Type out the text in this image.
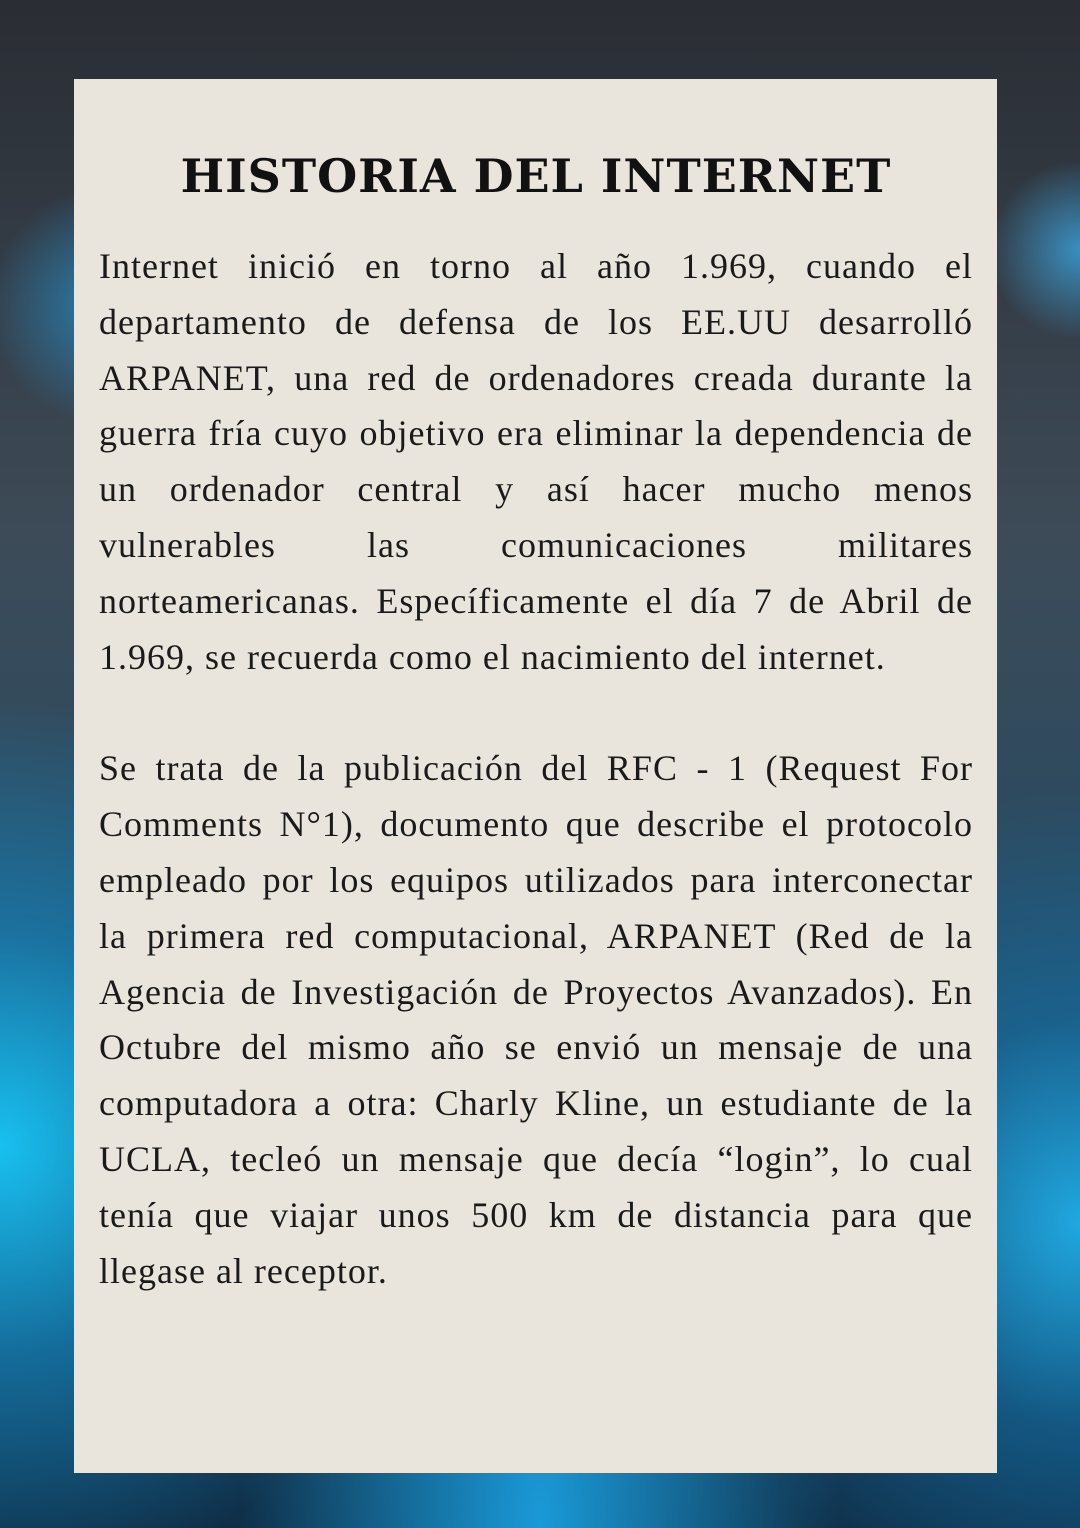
HISTORIA DEL INTERNET

Internet inició en torno al año 1.969, cuando el departamento de defensa de los EE.UU desarrolló ARPANET, una red de ordenadores creada durante la guerra fría cuyo objetivo era eliminar la dependencia de un ordenador central y así hacer mucho menos vulnerables las comunicaciones militares norteamericanas. Específicamente el día 7 de Abril de 1.969, se recuerda como el nacimiento del internet.

Se trata de la publicación del RFC - 1 (Request For Comments N°1), documento que describe el protocolo empleado por los equipos utilizados para interconectar la primera red computacional, ARPANET (Red de la Agencia de Investigación de Proyectos Avanzados). En Octubre del mismo año se envió un mensaje de una computadora a otra: Charly Kline, un estudiante de la UCLA, tecleó un mensaje que decía “login”, lo cual tenía que viajar unos 500 km de distancia para que llegase al receptor.
